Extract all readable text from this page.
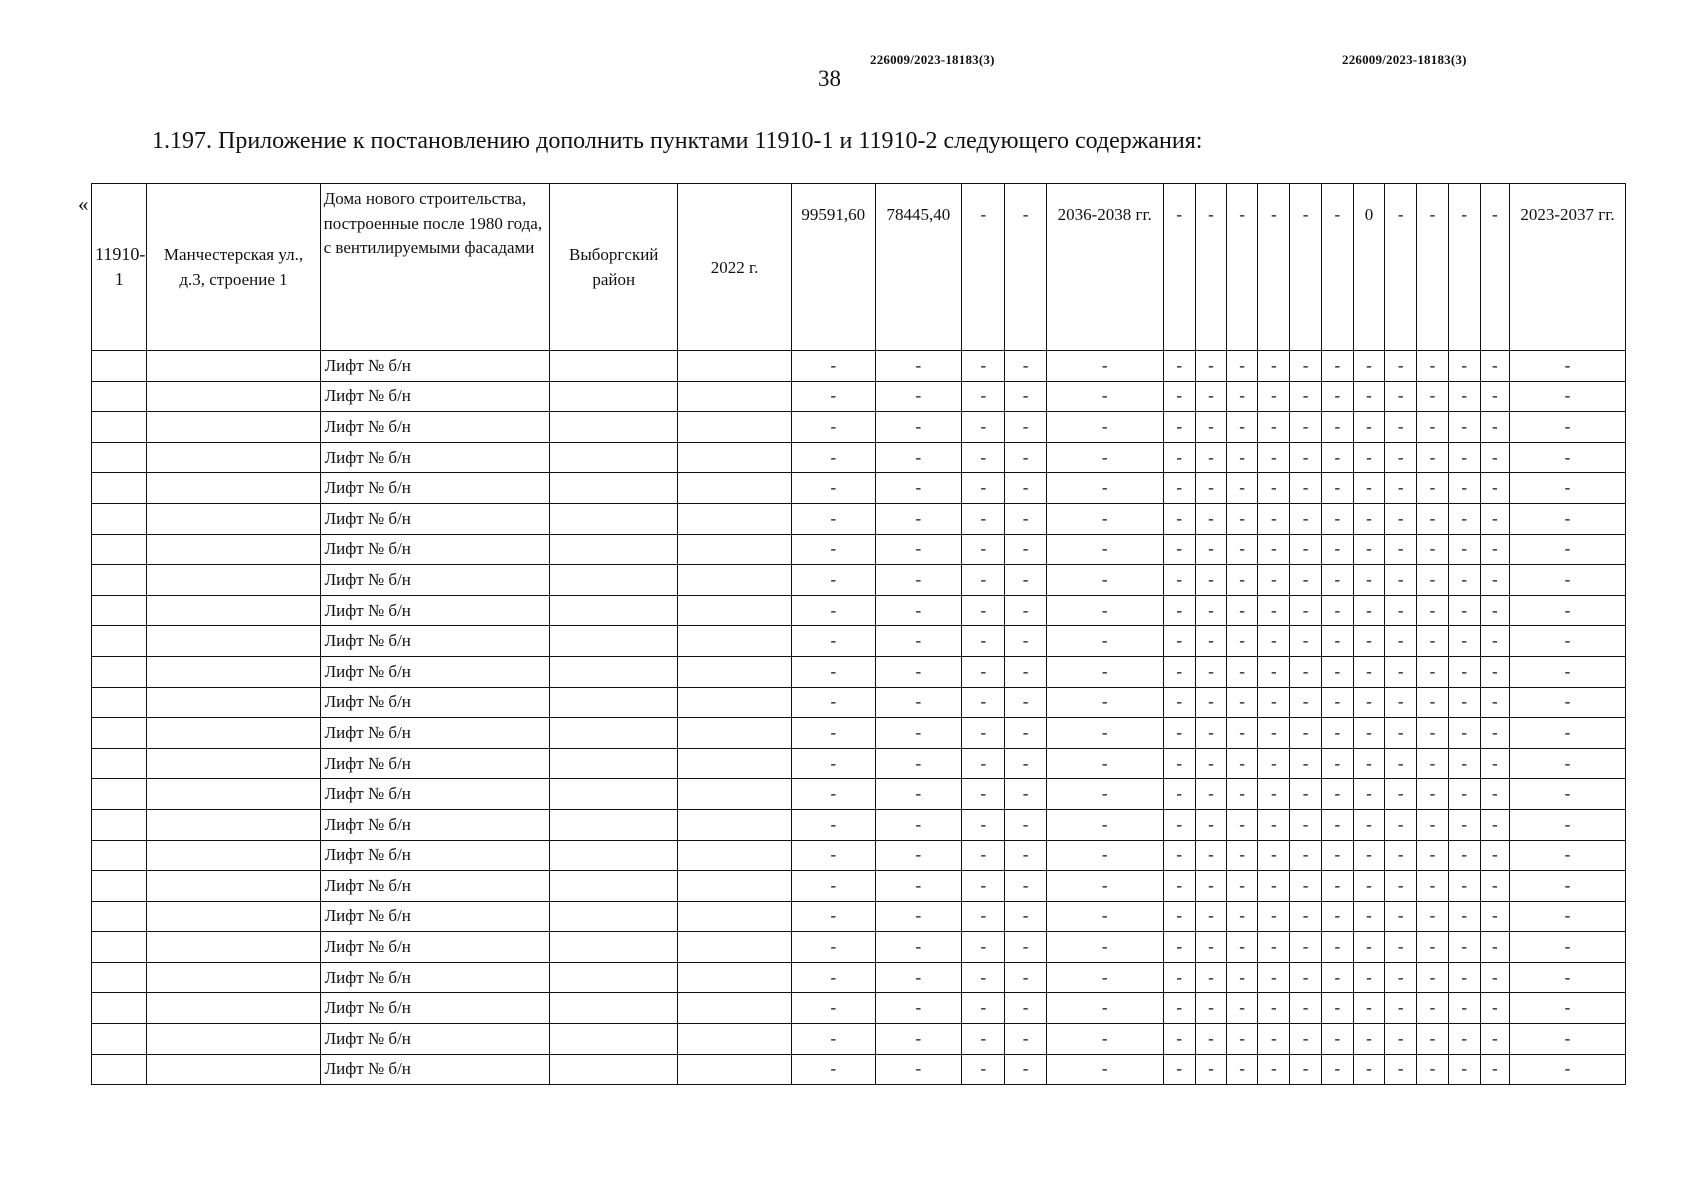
226009/2023-18183(3)	226009/2023-18183(3)
38
1.197. Приложение к постановлению дополнить пунктами 11910-1 и 11910-2 следующего содержания:
«
11910-1	Манчестерская ул., д.3, строение 1	Дома нового строительства, построенные после 1980 года, с вентилируемыми фасадами	Выборгский район	2022 г.	99591,60	78445,40	-	-	2036-2038 гг.	-	-	-	-	-	-	0	-	-	-	-	2023-2037 гг.
		Лифт № б/н			-	-	-	-	-	-	-	-	-	-	-	-	-	-	-	-	-
		Лифт № б/н			-	-	-	-	-	-	-	-	-	-	-	-	-	-	-	-	-
		Лифт № б/н			-	-	-	-	-	-	-	-	-	-	-	-	-	-	-	-	-
		Лифт № б/н			-	-	-	-	-	-	-	-	-	-	-	-	-	-	-	-	-
		Лифт № б/н			-	-	-	-	-	-	-	-	-	-	-	-	-	-	-	-	-
		Лифт № б/н			-	-	-	-	-	-	-	-	-	-	-	-	-	-	-	-	-
		Лифт № б/н			-	-	-	-	-	-	-	-	-	-	-	-	-	-	-	-	-
		Лифт № б/н			-	-	-	-	-	-	-	-	-	-	-	-	-	-	-	-	-
		Лифт № б/н			-	-	-	-	-	-	-	-	-	-	-	-	-	-	-	-	-
		Лифт № б/н			-	-	-	-	-	-	-	-	-	-	-	-	-	-	-	-	-
		Лифт № б/н			-	-	-	-	-	-	-	-	-	-	-	-	-	-	-	-	-
		Лифт № б/н			-	-	-	-	-	-	-	-	-	-	-	-	-	-	-	-	-
		Лифт № б/н			-	-	-	-	-	-	-	-	-	-	-	-	-	-	-	-	-
		Лифт № б/н			-	-	-	-	-	-	-	-	-	-	-	-	-	-	-	-	-
		Лифт № б/н			-	-	-	-	-	-	-	-	-	-	-	-	-	-	-	-	-
		Лифт № б/н			-	-	-	-	-	-	-	-	-	-	-	-	-	-	-	-	-
		Лифт № б/н			-	-	-	-	-	-	-	-	-	-	-	-	-	-	-	-	-
		Лифт № б/н			-	-	-	-	-	-	-	-	-	-	-	-	-	-	-	-	-
		Лифт № б/н			-	-	-	-	-	-	-	-	-	-	-	-	-	-	-	-	-
		Лифт № б/н			-	-	-	-	-	-	-	-	-	-	-	-	-	-	-	-	-
		Лифт № б/н			-	-	-	-	-	-	-	-	-	-	-	-	-	-	-	-	-
		Лифт № б/н			-	-	-	-	-	-	-	-	-	-	-	-	-	-	-	-	-
		Лифт № б/н			-	-	-	-	-	-	-	-	-	-	-	-	-	-	-	-	-
		Лифт № б/н			-	-	-	-	-	-	-	-	-	-	-	-	-	-	-	-	-
